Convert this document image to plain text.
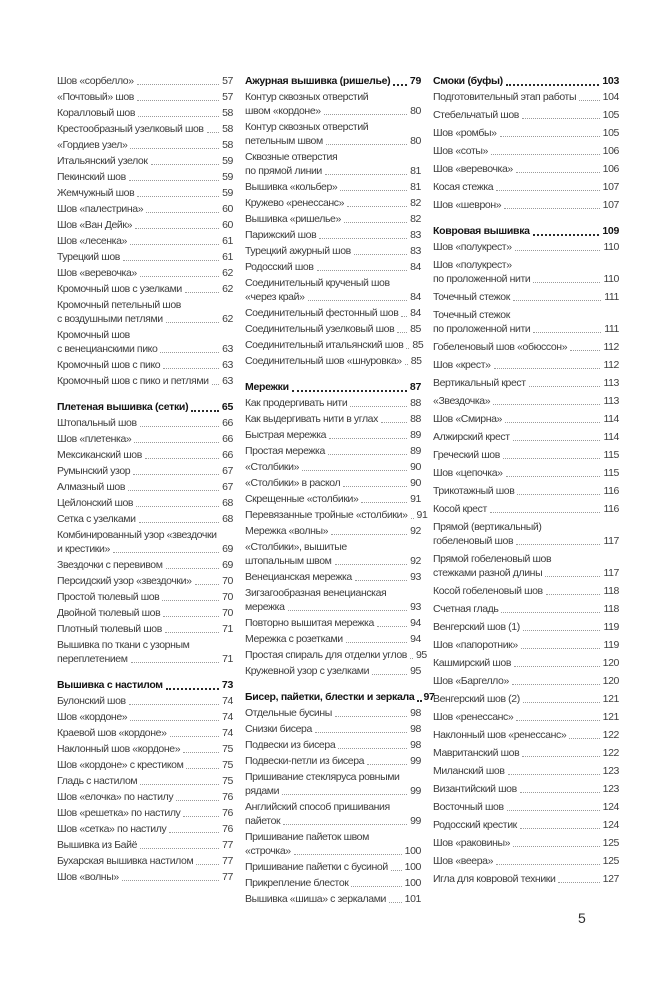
Шов «сорбелло»	57
«Почтовый» шов	57
Коралловый шов	58
Крестообразный узелковый шов 58
«Гордиев узел»	58
Итальянский узелок	59
Пекинский шов	59
Жемчужный шов	59
Шов «палестрина»	60
Шов «Ван Дейк»	60
Шов «лесенка»	61
Турецкий шов	61
Шов «веревочка»	62
Кромочный шов с узелками	62
Кромочный петельный шов
с воздушными петлями	62
Кромочный шов
с венецианскими пико	63
Кромочный шов с пико	63
Кромочный шов с пико и петлями 63
Плетеная вышивка (сетки)	65
Штопальный шов	66
Шов «плетенка»	66
Мексиканский шов	66
Румынский узор	67
Алмазный шов	67
Цейлонский шов	68
Сетка с узелками	68
Комбинированный узор «звездочки
и крестики»	69
Звездочки с перевивом	69
Персидский узор «звездочки»	70
Простой тюлевый шов	70
Двойной тюлевый шов	70
Плотный тюлевый шов	71
Вышивка по ткани с узорным
переплетением	71
Вышивка с настилом	73
Булонский шов	74
Шов «кордоне»	74
Краевой шов «кордоне»	74
Наклонный шов «кордоне»	75
Шов «кордоне» с крестиком	75
Гладь с настилом	75
Шов «елочка» по настилу	76
Шов «решетка» по настилу	76
Шов «сетка» по настилу	76
Вышивка из Байё	77
Бухарская вышивка настилом	77
Шов «волны»	77
Ажурная вышивка (ришелье) 79
Контур сквозных отверстий
швом «кордоне»	80
Контур сквозных отверстий
петельным швом	80
Сквозные отверстия
по прямой линии	81
Вышивка «кольбер»	81
Кружево «ренессанс»	82
Вышивка «ришелье»	82
Парижский шов	83
Турецкий ажурный шов	83
Родосский шов	84
Соединительный крученый шов
«через край»	84
Соединительный фестонный шов 84
Соединительный узелковый шов 85
Соединительный итальянский шов 85
Соединительный шов «шнуровка» 85
Мережки	87
Как продергивать нити	88
Как выдергивать нити в углах	88
Быстрая мережка	89
Простая мережка	89
«Столбики»	90
«Столбики» в раскол	90
Скрещенные «столбики»	91
Перевязанные тройные «столбики» 91
Мережка «волны»	92
«Столбики», вышитые
штопальным швом	92
Венецианская мережка	93
Зигзагообразная венецианская
мережка	93
Повторно вышитая мережка	94
Мережка с розетками	94
Простая спираль для отделки углов 95
Кружевной узор с узелками	95
Бисер, пайетки, блестки и зеркала 97
Отдельные бусины	98
Снизки бисера	98
Подвески из бисера	98
Подвески-петли из бисера	99
Пришивание стекляруса ровными
рядами	99
Английский способ пришивания
пайеток	99
Пришивание пайеток швом
«строчка»	100
Пришивание пайетки с бусиной 100
Прикрепление блесток	100
Вышивка «шиша» с зеркалами 101
Смоки (буфы)	103
Подготовительный этап работы	104
Стебельчатый шов	105
Шов «ромбы»	105
Шов «соты»	106
Шов «веревочка»	106
Косая стежка	107
Шов «шеврон»	107
Ковровая вышивка	109
Шов «полукрест»	110
Шов «полукрест»
по проложенной нити	110
Точечный стежок	111
Точечный стежок
по проложенной нити	111
Гобеленовый шов «обюссон»	112
Шов «крест»	112
Вертикальный крест	113
«Звездочка»	113
Шов «Смирна»	114
Алжирский крест	114
Греческий шов	115
Шов «цепочка»	115
Трикотажный шов	116
Косой крест	116
Прямой (вертикальный)
гобеленовый шов	117
Прямой гобеленовый шов
стежками разной длины	117
Косой гобеленовый шов	118
Счетная гладь	118
Венгерский шов (1)	119
Шов «папоротник»	119
Кашмирский шов	120
Шов «Баргелло»	120
Венгерский шов (2)	121
Шов «ренессанс»	121
Наклонный шов «ренессанс»	122
Мавританский шов	122
Миланский шов	123
Византийский шов	123
Восточный шов	124
Родосский крестик	124
Шов «раковины»	125
Шов «веера»	125
Игла для ковровой техники	127
5
